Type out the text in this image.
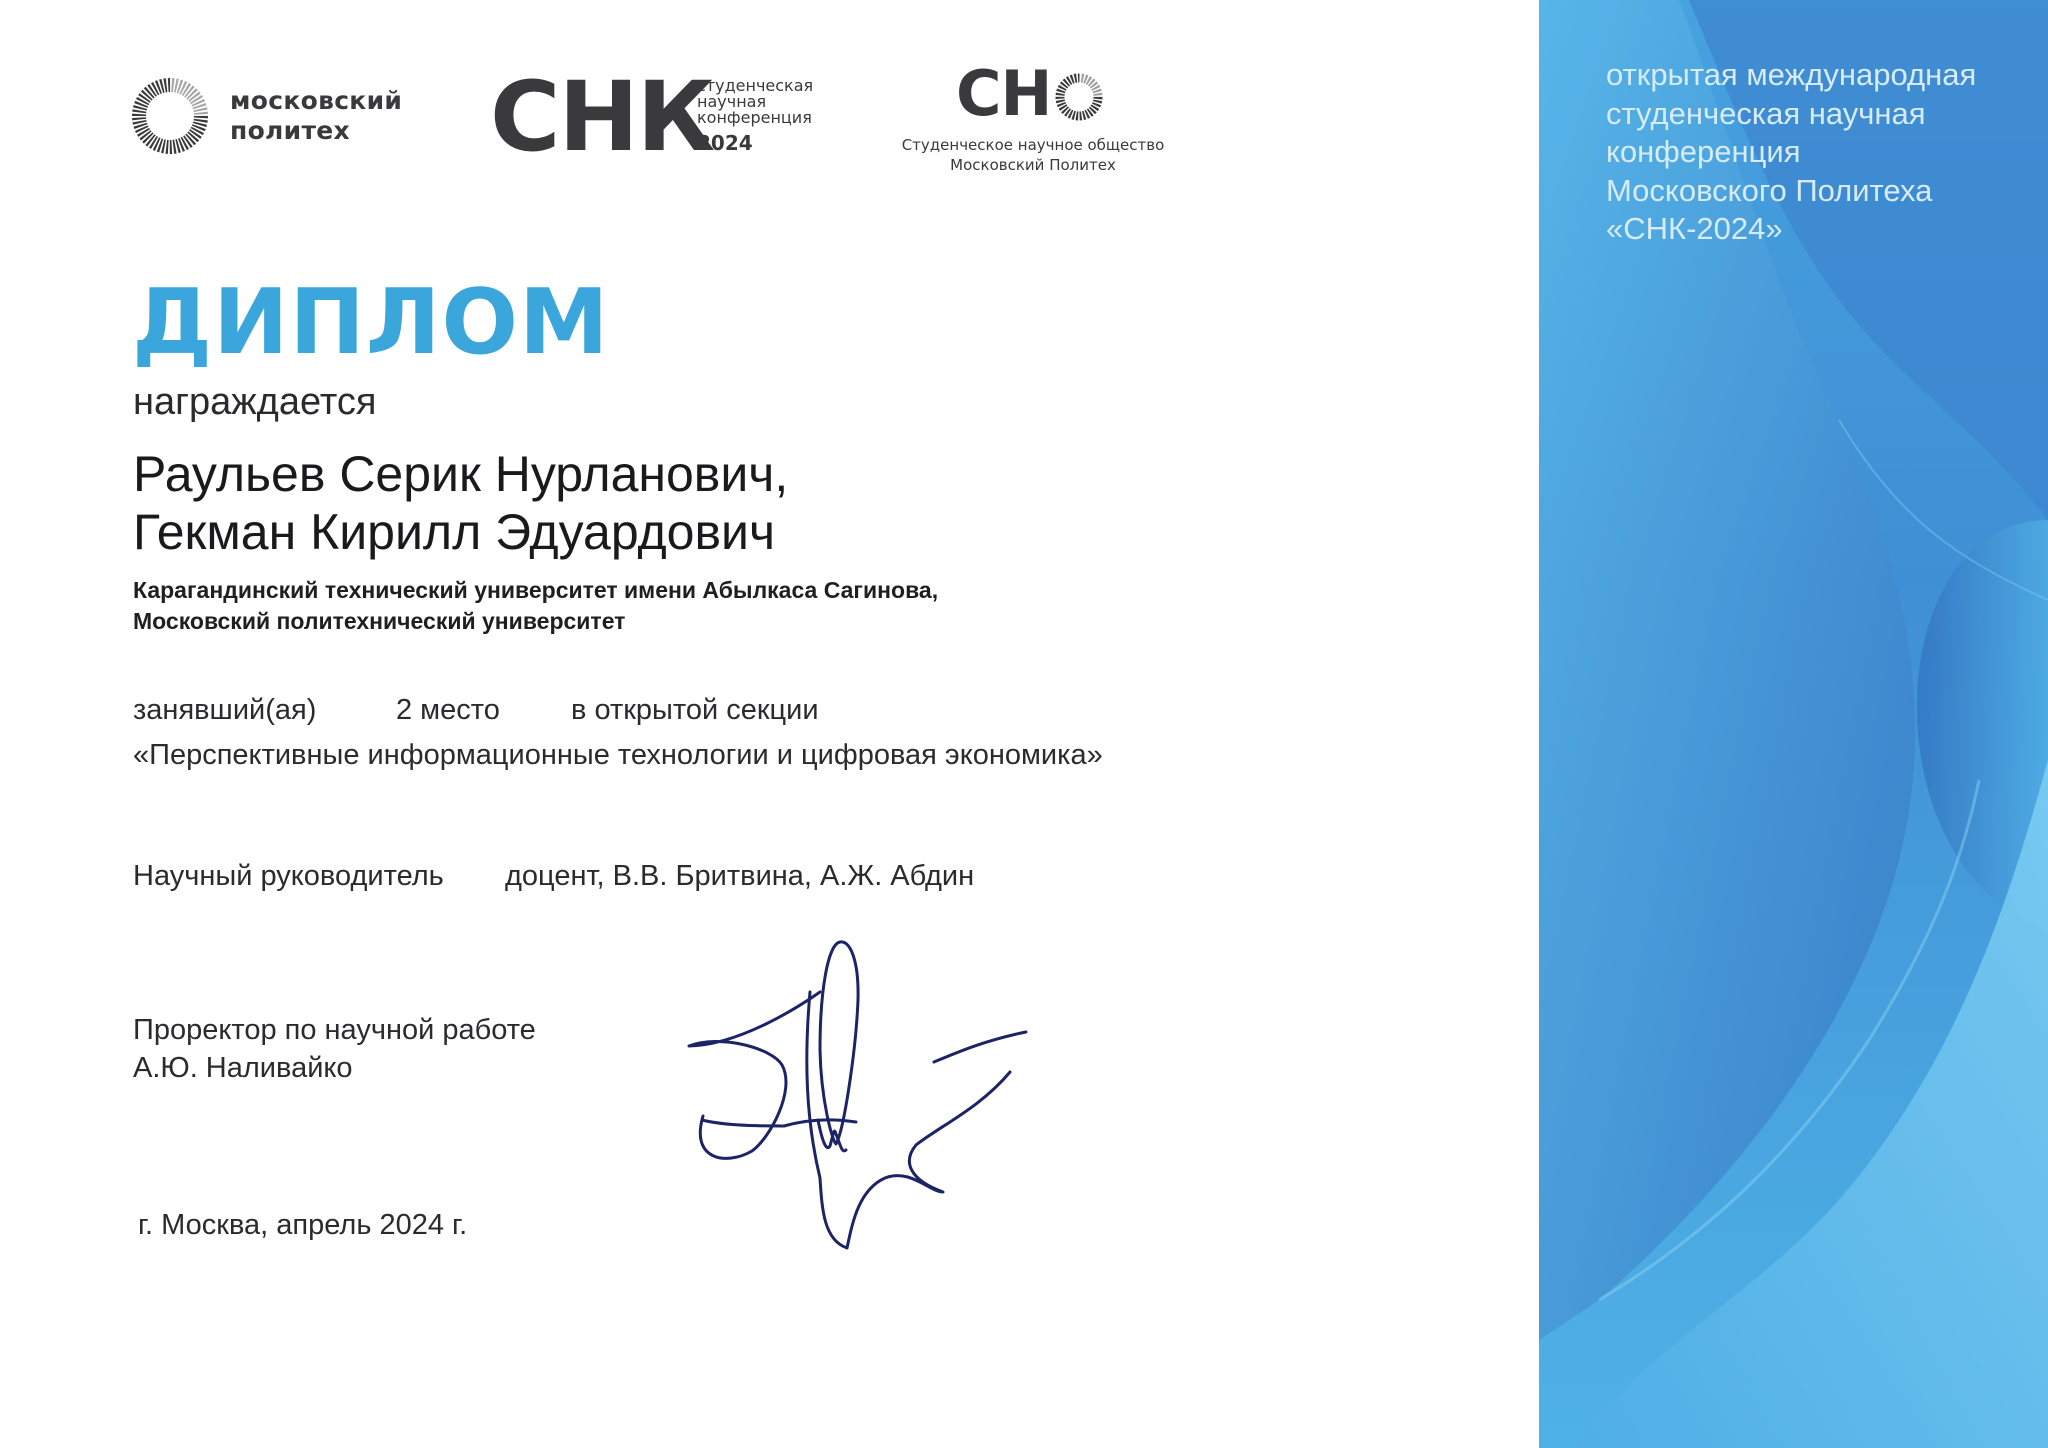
московский
политех	СНК
студенческая
научная
конференция
2024
СН
Студенческое научное общество
Московский Политех
ДИПЛОМ
награждается
Раульев Серик Нурланович,
Гекман Кирилл Эдуардович
Карагандинский технический университет имени Абылкаса Сагинова,
Московский политехнический университет
занявший(ая)	2 место в открытой секции
«Перспективные информационные технологии и цифровая экономика»
Научный руководитель доцент, В.В. Бритвина, А.Ж. Абдин
Проректор по научной работе
А.Ю. Наливайко
г. Москва, апрель 2024 г.
открытая международная
студенческая научная
конференция
Московского Политеха
«СНК-2024»
